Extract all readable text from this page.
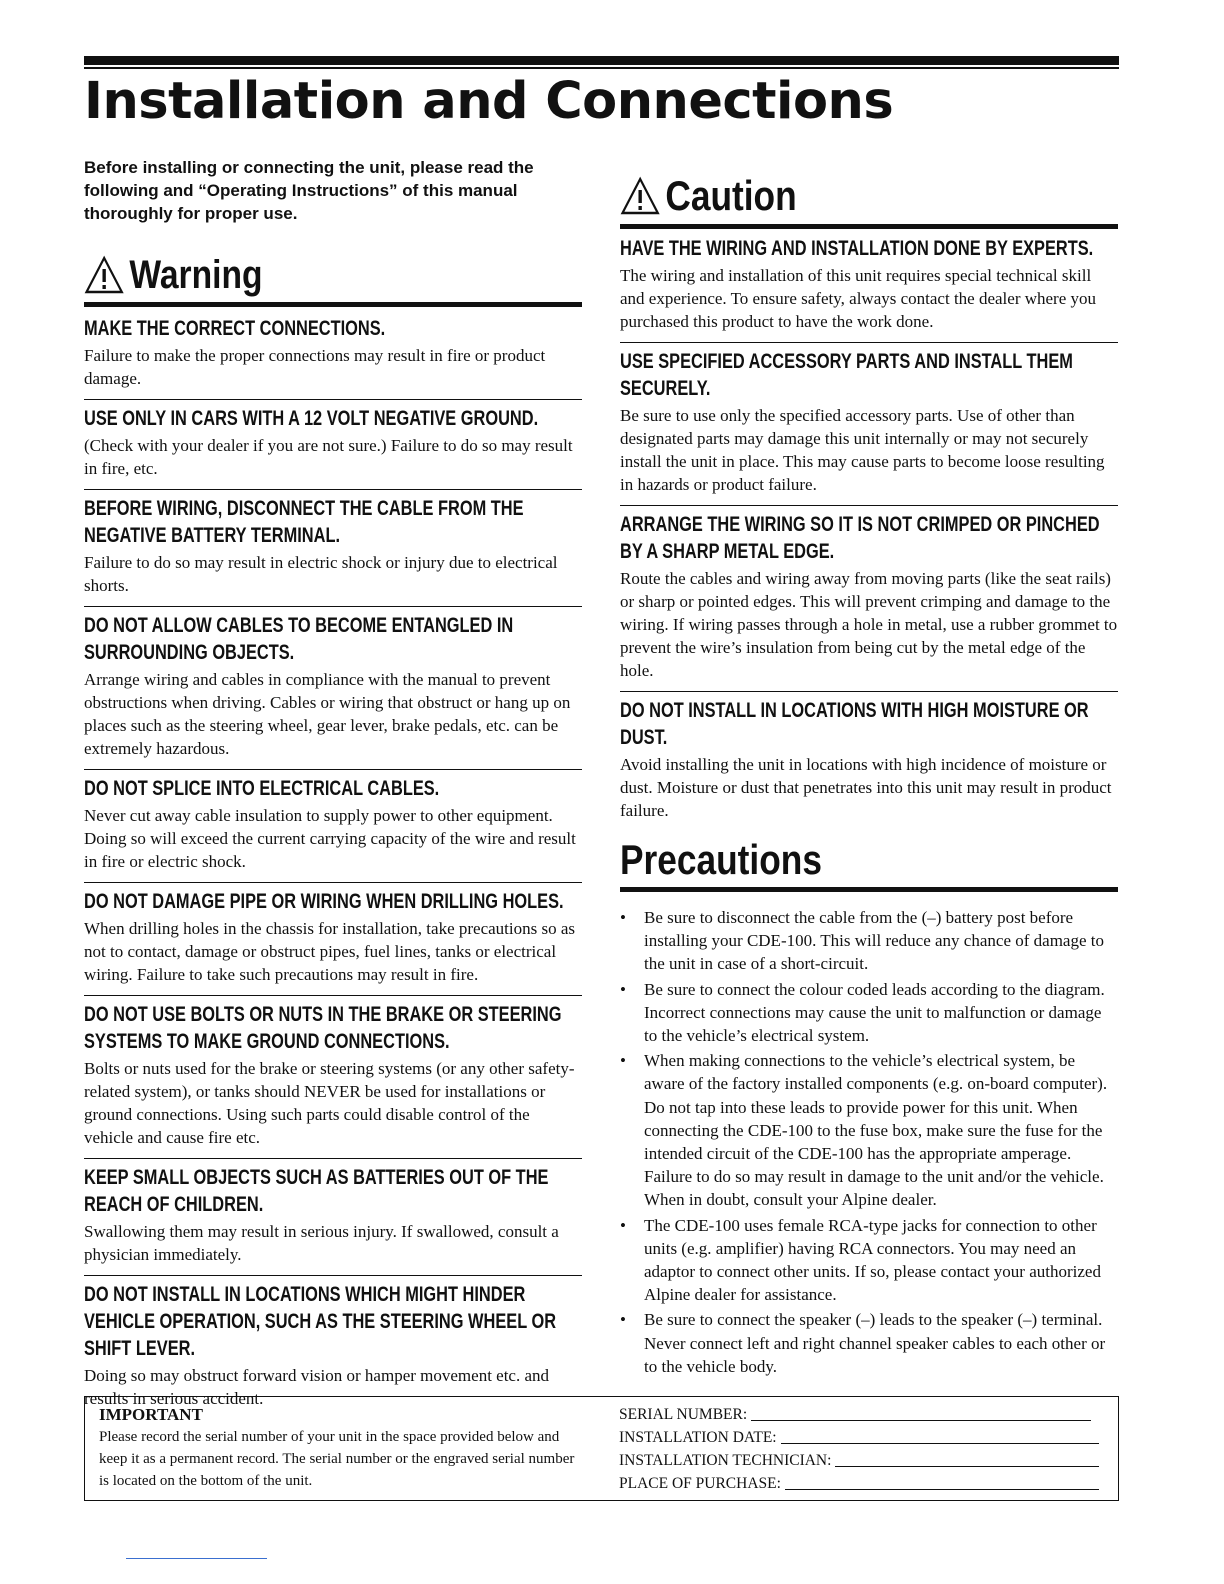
Installation and Connections

Before installing or connecting the unit, please read the following and “Operating Instructions” of this manual thoroughly for proper use.

Warning
MAKE THE CORRECT CONNECTIONS.

Failure to make the proper connections may result in fire or product damage.

USE ONLY IN CARS WITH A 12 VOLT NEGATIVE GROUND.

(Check with your dealer if you are not sure.) Failure to do so may result in fire, etc.

BEFORE WIRING, DISCONNECT THE CABLE FROM THE NEGATIVE BATTERY TERMINAL.

Failure to do so may result in electric shock or injury due to electrical shorts.

DO NOT ALLOW CABLES TO BECOME ENTANGLED IN SURROUNDING OBJECTS.

Arrange wiring and cables in compliance with the manual to prevent obstructions when driving. Cables or wiring that obstruct or hang up on places such as the steering wheel, gear lever, brake pedals, etc. can be extremely hazardous.

DO NOT SPLICE INTO ELECTRICAL CABLES.

Never cut away cable insulation to supply power to other equipment. Doing so will exceed the current carrying capacity of the wire and result in fire or electric shock.

DO NOT DAMAGE PIPE OR WIRING WHEN DRILLING HOLES.

When drilling holes in the chassis for installation, take precautions so as not to contact, damage or obstruct pipes, fuel lines, tanks or electrical wiring. Failure to take such precautions may result in fire.

DO NOT USE BOLTS OR NUTS IN THE BRAKE OR STEERING SYSTEMS TO MAKE GROUND CONNECTIONS.

Bolts or nuts used for the brake or steering systems (or any other safety-related system), or tanks should NEVER be used for installations or ground connections. Using such parts could disable control of the vehicle and cause fire etc.

KEEP SMALL OBJECTS SUCH AS BATTERIES OUT OF THE REACH OF CHILDREN.

Swallowing them may result in serious injury. If swallowed, consult a physician immediately.

DO NOT INSTALL IN LOCATIONS WHICH MIGHT HINDER VEHICLE OPERATION, SUCH AS THE STEERING WHEEL OR SHIFT LEVER.

Doing so may obstruct forward vision or hamper movement etc. and results in serious accident.

Caution
HAVE THE WIRING AND INSTALLATION DONE BY EXPERTS.

The wiring and installation of this unit requires special technical skill and experience. To ensure safety, always contact the dealer where you purchased this product to have the work done.

USE SPECIFIED ACCESSORY PARTS AND INSTALL THEM SECURELY.

Be sure to use only the specified accessory parts. Use of other than designated parts may damage this unit internally or may not securely install the unit in place. This may cause parts to become loose resulting in hazards or product failure.

ARRANGE THE WIRING SO IT IS NOT CRIMPED OR PINCHED BY A SHARP METAL EDGE.

Route the cables and wiring away from moving parts (like the seat rails) or sharp or pointed edges. This will prevent crimping and damage to the wiring. If wiring passes through a hole in metal, use a rubber grommet to prevent the wire’s insulation from being cut by the metal edge of the hole.

DO NOT INSTALL IN LOCATIONS WITH HIGH MOISTURE OR DUST.

Avoid installing the unit in locations with high incidence of moisture or dust. Moisture or dust that penetrates into this unit may result in product failure.

Precautions
• Be sure to disconnect the cable from the (–) battery post before installing your CDE-100. This will reduce any chance of damage to the unit in case of a short-circuit.
• Be sure to connect the colour coded leads according to the diagram. Incorrect connections may cause the unit to malfunction or damage to the vehicle’s electrical system.
• When making connections to the vehicle’s electrical system, be aware of the factory installed components (e.g. on-board computer). Do not tap into these leads to provide power for this unit. When connecting the CDE-100 to the fuse box, make sure the fuse for the intended circuit of the CDE-100 has the appropriate amperage. Failure to do so may result in damage to the unit and/or the vehicle. When in doubt, consult your Alpine dealer.
• The CDE-100 uses female RCA-type jacks for connection to other units (e.g. amplifier) having RCA connectors. You may need an adaptor to connect other units. If so, please contact your authorized Alpine dealer for assistance.
• Be sure to connect the speaker (–) leads to the speaker (–) terminal. Never connect left and right channel speaker cables to each other or to the vehicle body.
IMPORTANT
Please record the serial number of your unit in the space provided below and keep it as a permanent record. The serial number or the engraved serial number is located on the bottom of the unit.
SERIAL NUMBER:
INSTALLATION DATE:
INSTALLATION TECHNICIAN:
PLACE OF PURCHASE:
